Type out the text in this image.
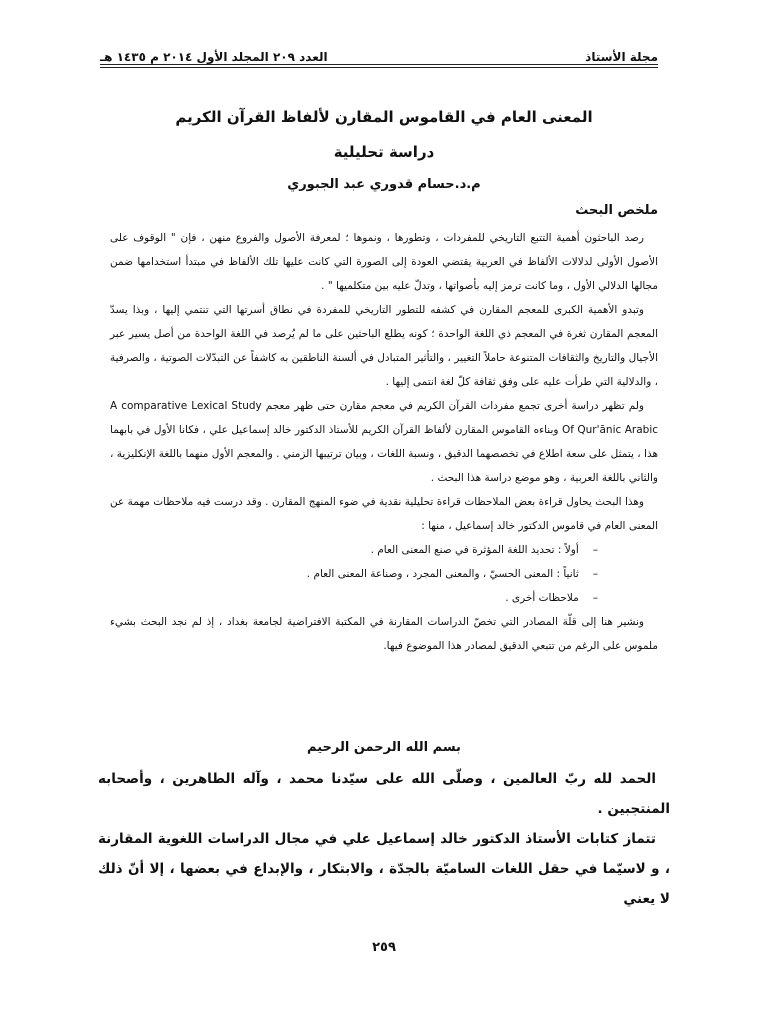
مجلة الأستاذ
العدد ٢٠٩ المجلد الأول ٢٠١٤ م ١٤٣٥ هـ
المعنى العام في القاموس المقارن لألفاظ القرآن الكريم
دراسة تحليلية
م.د.حسام قدوري عبد الجبوري
ملخص البحث

رصد الباحثون أهمية التتبع التاريخي للمفردات ، وتطورها ، ونموها ؛ لمعرفة الأصول والفروع منهن ، فإن " الوقوف على الأصول الأولى لدلالات الألفاظ في العربية يقتضي العودة إلى الصورة التي كانت عليها تلك الألفاظ في مبتدأ استخدامها ضمن مجالها الدلالي الأول ، وما كانت ترمز إليه بأصواتها ، وتدلّ عليه بين متكلميها " .

وتبدو الأهمية الكبرى للمعجم المقارن في كشفه للتطور التاريخي للمفردة في نطاق أسرتها التي تنتمي إليها ، وبذا يسدّ المعجم المقارن ثغرة في المعجم ذي اللغة الواحدة ؛ كونه يطلع الباحثين على ما لم يُرصد في اللغة الواحدة من أصل يسير عبر الأجيال والتاريخ والثقافات المتنوعة حاملاً التغيير ، والتأثير المتبادل في ألسنة الناطقين به كاشفاً عن التبدّلات الصوتية ، والصرفية ، والدلالية التي طرأت عليه على وفق ثقافة كلّ لغة انتمى إليها .

ولم تظهر دراسة أخرى تجمع مفردات القرآن الكريم في معجم مقارن حتى ظهر معجم A comparative Lexical Study Of Qur'ānic Arabic وبناءه القاموس المقارن لألفاظ القرآن الكريم للأستاذ الدكتور خالد إسماعيل علي ، فكانا الأول في بابهما هذا ، يتمثل على سعة اطلاع في تخصصهما الدقيق ، ونسبة اللغات ، وبيان ترتيبها الزمني . والمعجم الأول منهما باللغة الإنكليزية ، والثاني باللغة العربية ، وهو موضع دراسة هذا البحث .

وهذا البحث يحاول قراءة بعض الملاحظات قراءة تحليلية نقدية في ضوء المنهج المقارن . وقد درست فيه ملاحظات مهمة عن المعنى العام في قاموس الدكتور خالد إسماعيل ، منها :

–أولاً : تحديد اللغة المؤثرة في صنع المعنى العام .
–ثانياً : المعنى الحسيّ ، والمعنى المجرد ، وصناعة المعنى العام .
–ملاحظات أخرى .

ونشير هنا إلى قلّة المصادر التي تخصّ الدراسات المقارنة في المكتبة الافتراضية لجامعة بغداد ، إذ لم نجد البحث بشيء ملموس على الرغم من تتبعي الدقيق لمصادر هذا الموضوع فيها.

بسم الله الرحمن الرحيم

الحمد لله ربّ العالمين ، وصلّى الله على سيّدنا محمد ، وآله الطاهرين ، وأصحابه المنتجبين .

تتماز كتابات الأستاذ الدكتور خالد إسماعيل علي في مجال الدراسات اللغوية المقارنة ، و لاسيّما في حقل اللغات الساميّة بالجدّة ، والابتكار ، والإبداع في بعضها ، إلا أنّ ذلك لا يعني

٢٥٩
